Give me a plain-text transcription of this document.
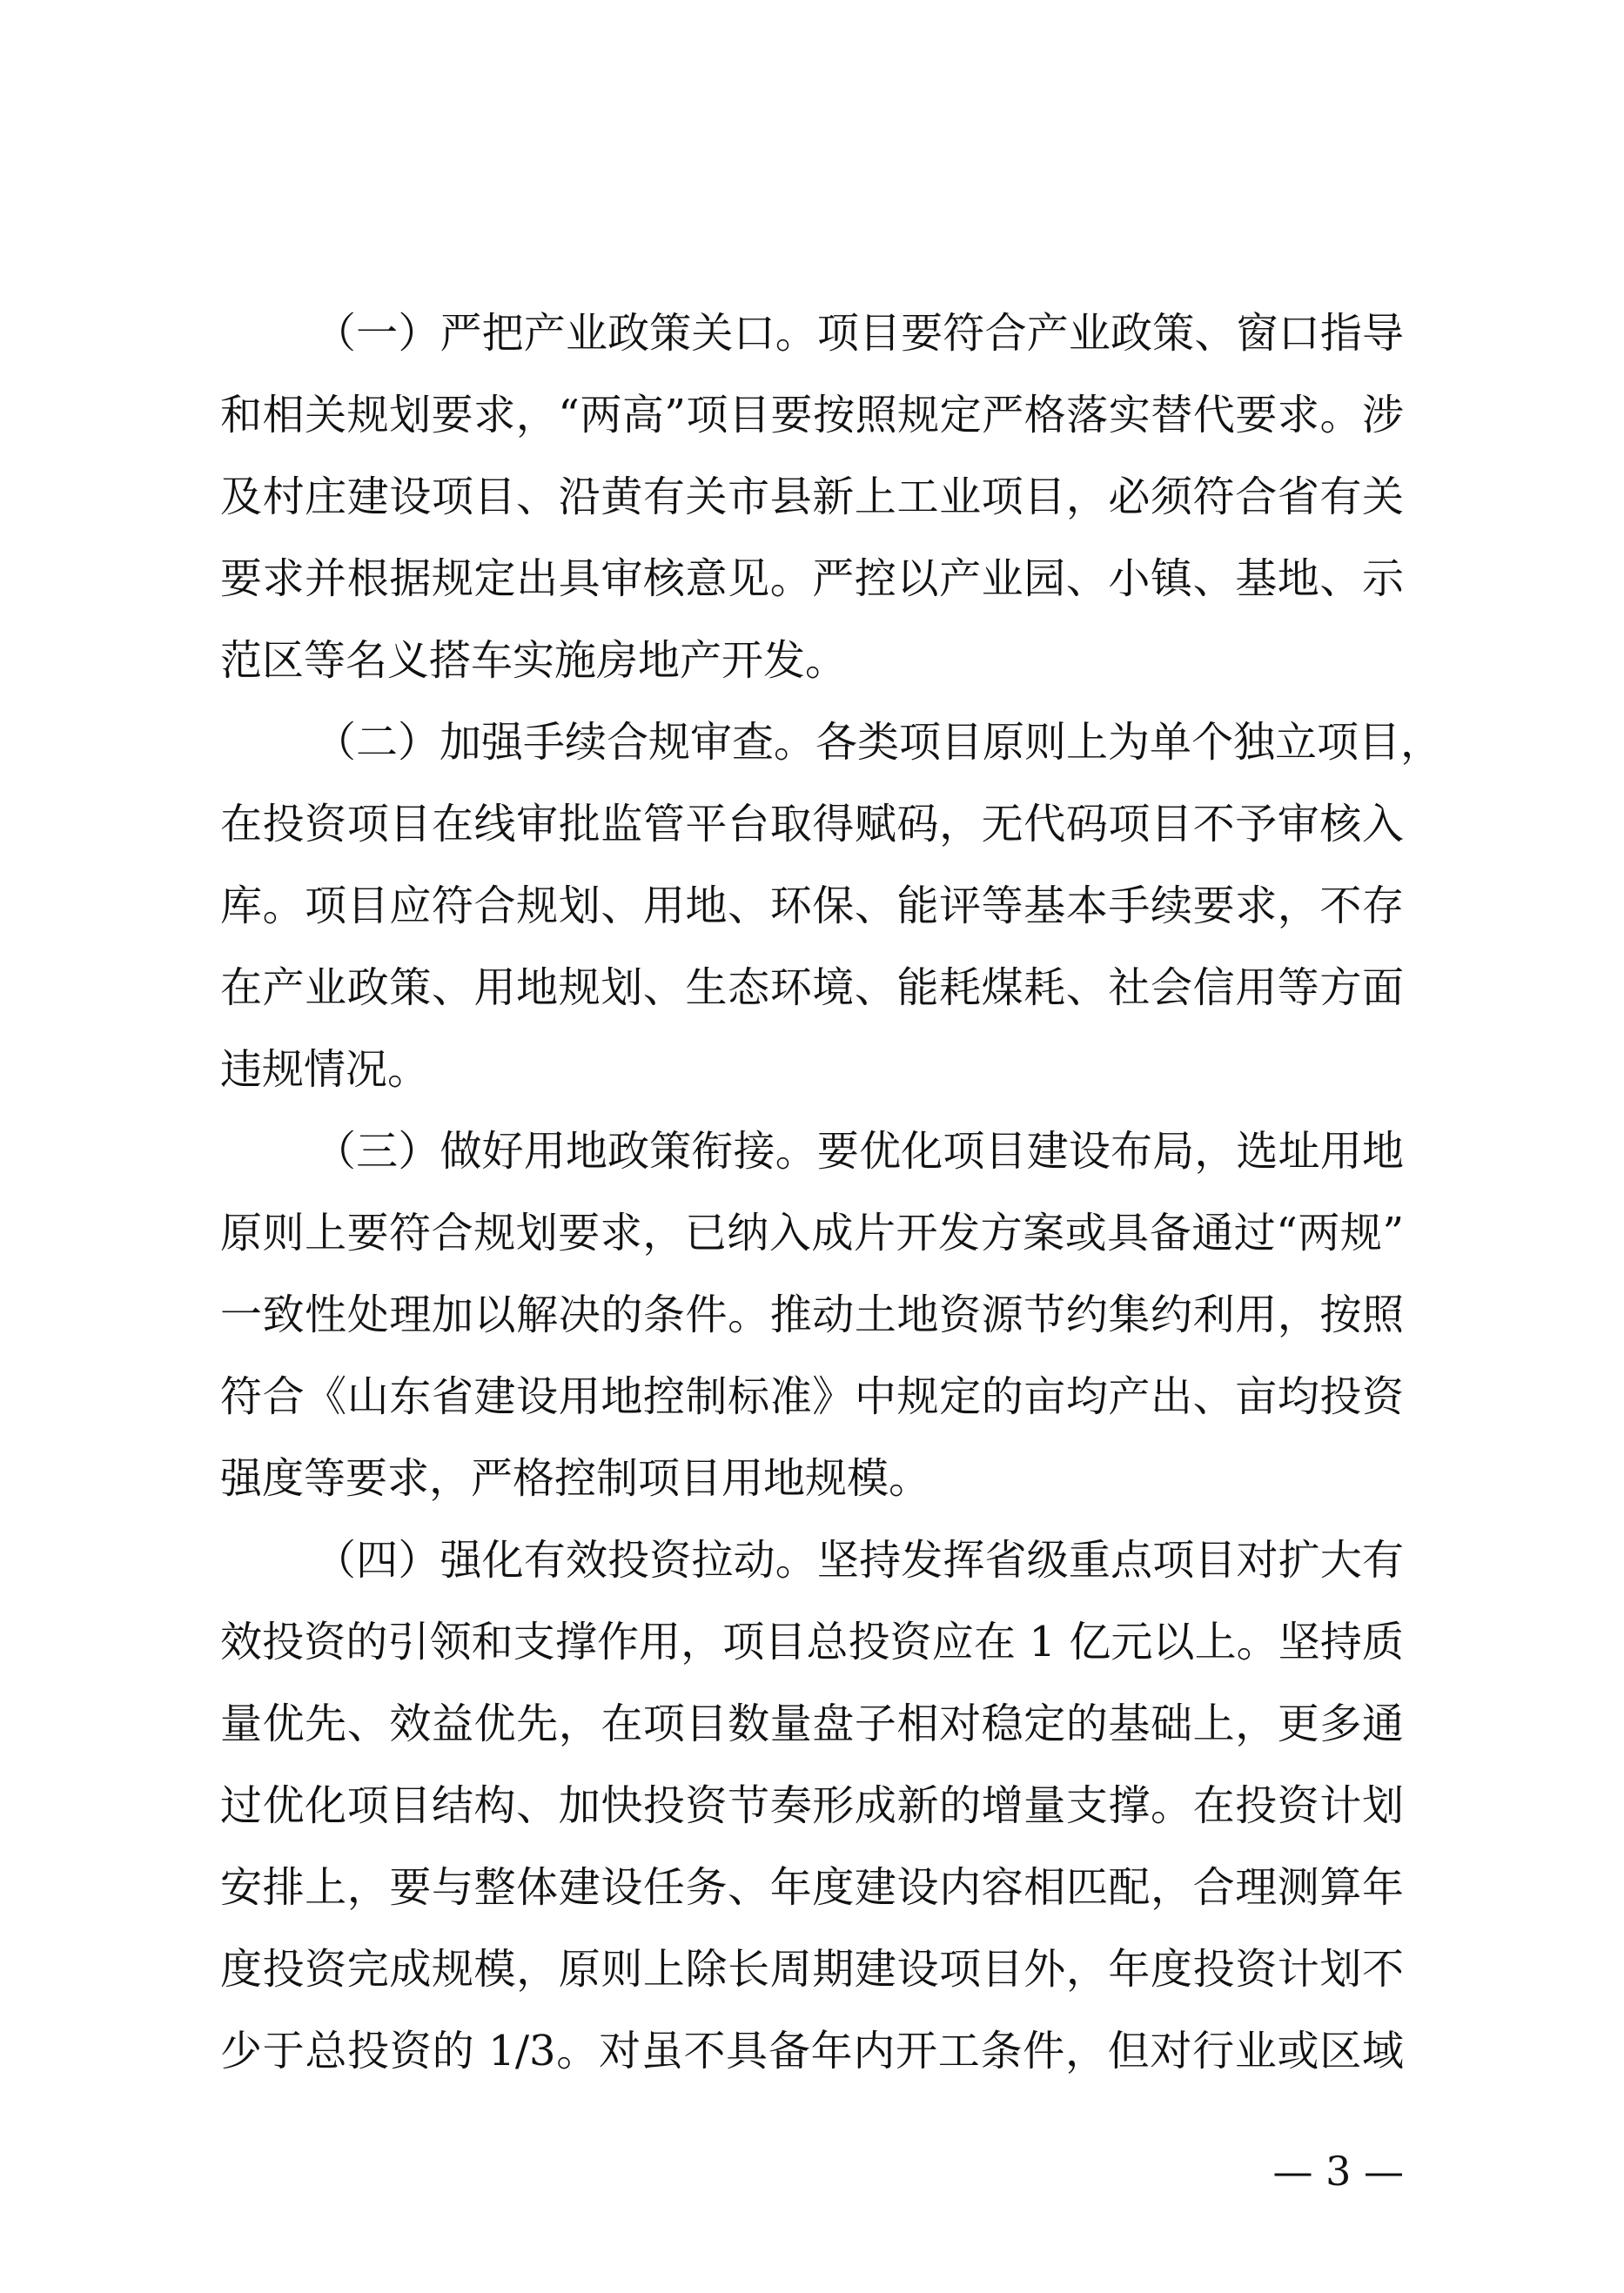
（一）严把产业政策关口。项目要符合产业政策、窗口指导
和相关规划要求，“两高”项目要按照规定严格落实替代要求。涉
及村庄建设项目、沿黄有关市县新上工业项目，必须符合省有关
要求并根据规定出具审核意见。严控以产业园、小镇、基地、示
范区等名义搭车实施房地产开发。
（二）加强手续合规审查。各类项目原则上为单个独立项目，
在投资项目在线审批监管平台取得赋码，无代码项目不予审核入
库。项目应符合规划、用地、环保、能评等基本手续要求，不存
在产业政策、用地规划、生态环境、能耗煤耗、社会信用等方面
违规情况。
（三）做好用地政策衔接。要优化项目建设布局，选址用地
原则上要符合规划要求，已纳入成片开发方案或具备通过“两规”
一致性处理加以解决的条件。推动土地资源节约集约利用，按照
符合《山东省建设用地控制标准》中规定的亩均产出、亩均投资
强度等要求，严格控制项目用地规模。
（四）强化有效投资拉动。坚持发挥省级重点项目对扩大有
效投资的引领和支撑作用，项目总投资应在 1 亿元以上。坚持质
量优先、效益优先，在项目数量盘子相对稳定的基础上，更多通
过优化项目结构、加快投资节奏形成新的增量支撑。在投资计划
安排上，要与整体建设任务、年度建设内容相匹配，合理测算年
度投资完成规模，原则上除长周期建设项目外，年度投资计划不
少于总投资的 1/3。对虽不具备年内开工条件，但对行业或区域
— 3 —
